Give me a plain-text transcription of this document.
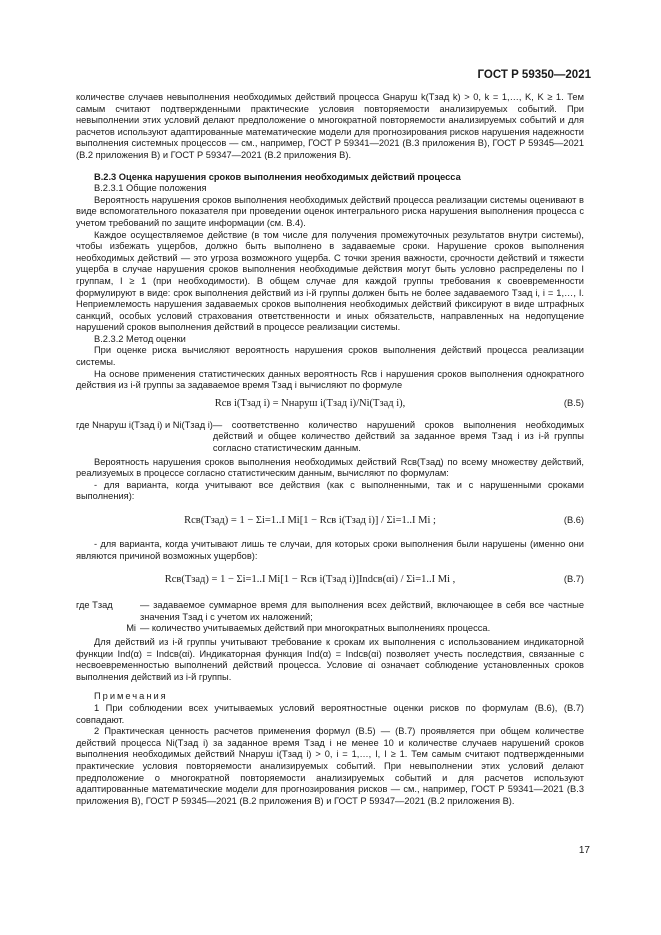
ГОСТ Р 59350—2021

количестве случаев невыполнения необходимых действий процесса Gнаруш k(Tзад k) > 0, k = 1,…, K, K ≥ 1. Тем самым считают подтвержденными практические условия повторяемости анализируемых событий. При невыполнении этих условий делают предположение о многократной повторяемости анализируемых событий и для расчетов используют адаптированные математические модели для прогнозирования рисков нарушения надежности выполнения системных процессов — см., например, ГОСТ Р 59341—2021 (В.3 приложения В), ГОСТ Р 59345—2021 (В.2 приложения В) и ГОСТ Р 59347—2021 (В.2 приложения В).

В.2.3 Оценка нарушения сроков выполнения необходимых действий процесса

В.2.3.1 Общие положения

Вероятность нарушения сроков выполнения необходимых действий процесса реализации системы оценивают в виде вспомогательного показателя при проведении оценок интегрального риска нарушения выполнения процесса с учетом требований по защите информации (см. В.4).

Каждое осуществляемое действие (в том числе для получения промежуточных результатов внутри системы), чтобы избежать ущербов, должно быть выполнено в задаваемые сроки. Нарушение сроков выполнения необходимых действий — это угроза возможного ущерба. С точки зрения важности, срочности действий и тяжести ущерба в случае нарушения сроков выполнения необходимые действия могут быть условно распределены по I группам, I ≥ 1 (при необходимости). В общем случае для каждой группы требования к своевременности формулируют в виде: срок выполнения действий из i-й группы должен быть не более задаваемого Tзад i, i = 1,…, I. Неприемлемость нарушения задаваемых сроков выполнения необходимых действий фиксируют в виде штрафных санкций, особых условий страхования ответственности и иных обязательств, направленных на недопущение нарушений сроков выполнения действий в процессе реализации системы.

В.2.3.2 Метод оценки

При оценке риска вычисляют вероятность нарушения сроков выполнения действий процесса реализации системы.

На основе применения статистических данных вероятность Rсв i нарушения сроков выполнения однократного действия из i-й группы за задаваемое время Tзад i вычисляют по формуле

Rсв i(Tзад i) = Nнаруш i(Tзад i)/Ni(Tзад i),	(В.5)
где Nнаруш i(Tзад i) и Ni(Tзад i)	— соответственно количество нарушений сроков выполнения необходимых действий и общее количество действий за заданное время Tзад i из i-й группы согласно статистическим данным.

Вероятность нарушения сроков выполнения необходимых действий Rсв(Tзад) по всему множеству действий, реализуемых в процессе согласно статистическим данным, вычисляют по формулам:

- для варианта, когда учитывают все действия (как с выполненными, так и с нарушенными сроками выполнения):

Rсв(Tзад) = 1 − Σi=1..I Mi[1 − Rсв i(Tзад i)] / Σi=1..I Mi ;	(В.6)

- для варианта, когда учитывают лишь те случаи, для которых сроки выполнения были нарушены (именно они являются причиной возможных ущербов):

Rсв(Tзад) = 1 − Σi=1..I Mi[1 − Rсв i(Tзад i)]Indсв(αi) / Σi=1..I Mi ,	(В.7)
где Tзад	— задаваемое суммарное время для выполнения всех действий, включающее в себя все частные значения Tзад i с учетом их наложений;
Mi	— количество учитываемых действий при многократных выполнениях процесса.

Для действий из i-й группы учитывают требование к срокам их выполнения с использованием индикаторной функции Ind(α) = Indсв(αi). Индикаторная функция Ind(α) = Indсв(αi) позволяет учесть последствия, связанные с несвоевременностью выполнений действий процесса. Условие αi означает соблюдение установленных сроков выполнения действий из i-й группы.

Примечания

1 При соблюдении всех учитываемых условий вероятностные оценки рисков по формулам (В.6), (В.7) совпадают.

2 Практическая ценность расчетов применения формул (В.5) — (В.7) проявляется при общем количестве действий процесса Ni(Tзад i) за заданное время Tзад i не менее 10 и количестве случаев нарушений сроков выполнения необходимых действий Nнаруш i(Tзад i) > 0, i = 1,…, I, I ≥ 1. Тем самым считают подтвержденными практические условия повторяемости анализируемых событий. При невыполнении этих условий делают предположение о многократной повторяемости анализируемых событий и для расчетов используют адаптированные математические модели для прогнозирования рисков — см., например, ГОСТ Р 59341—2021 (В.3 приложения В), ГОСТ Р 59345—2021 (В.2 приложения В) и ГОСТ Р 59347—2021 (В.2 приложения В).

17
